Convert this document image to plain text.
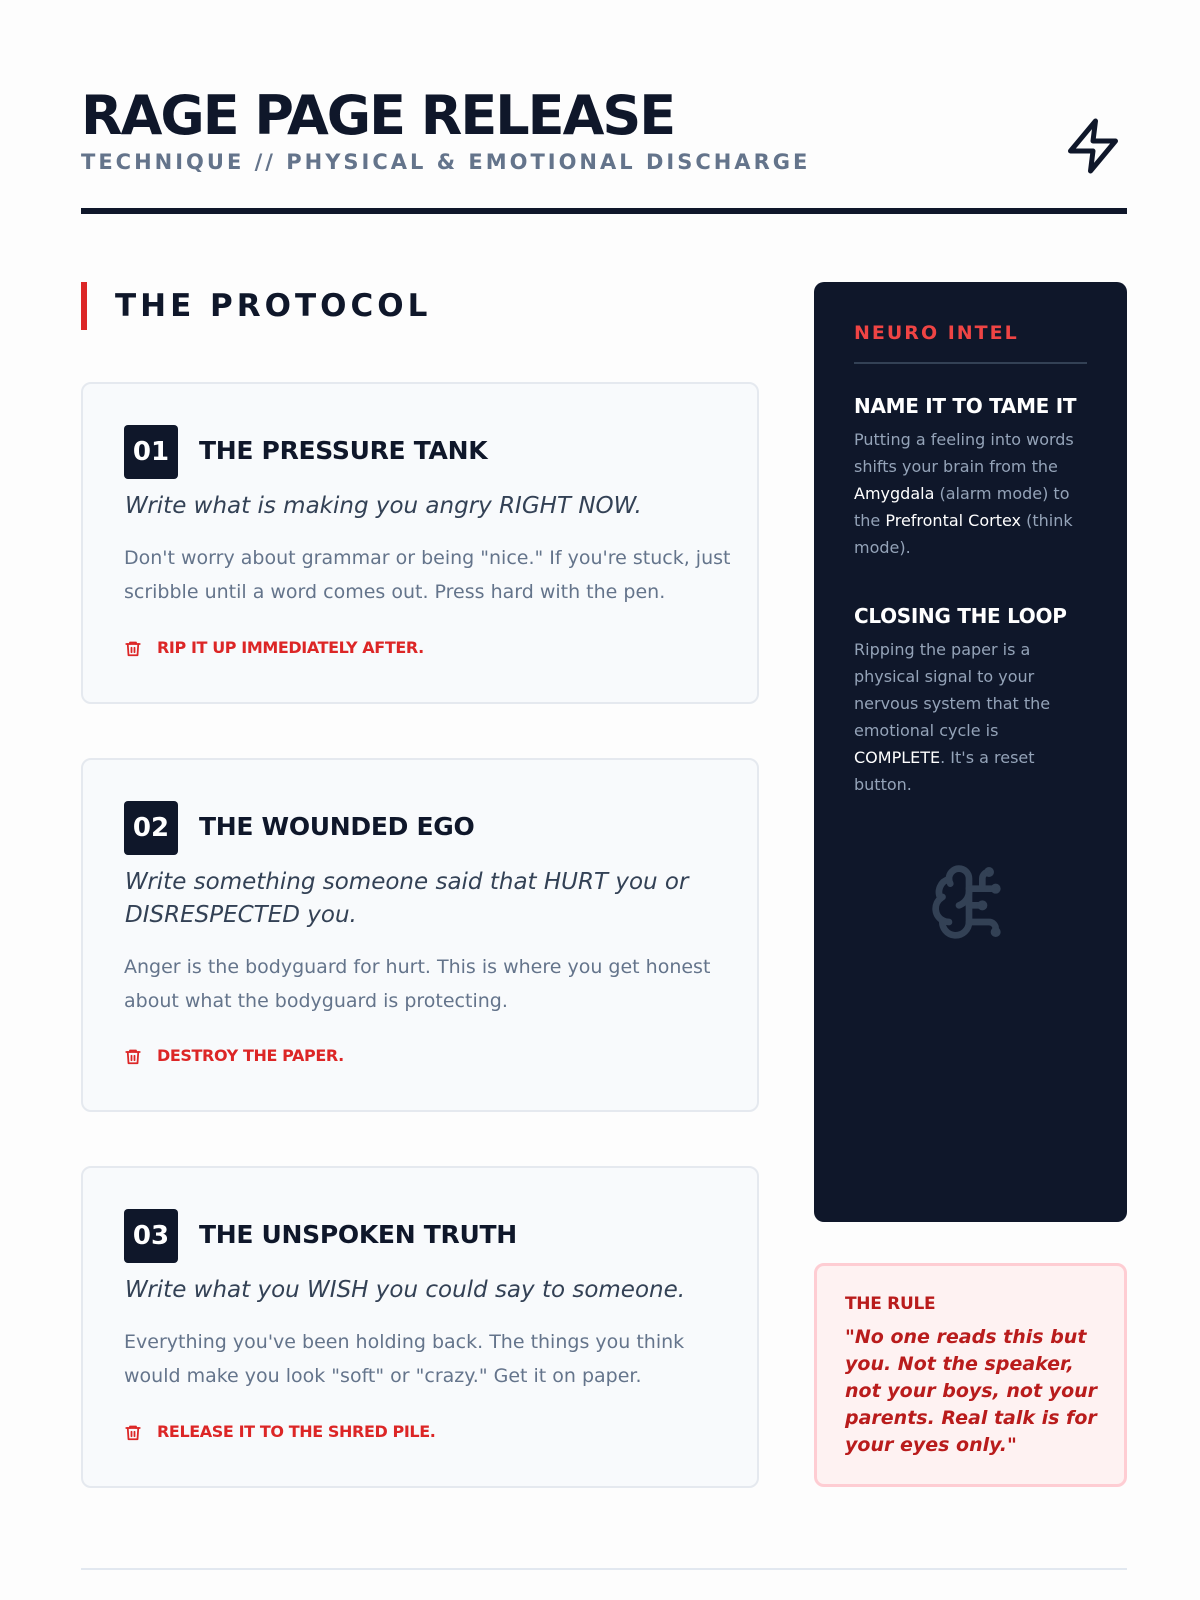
RAGE PAGE RELEASE
TECHNIQUE // PHYSICAL & EMOTIONAL DISCHARGE
THE PROTOCOL
01	THE PRESSURE TANK
Write what is making you angry RIGHT NOW.
Don't worry about grammar or being "nice." If you're stuck, just scribble until a word comes out. Press hard with the pen.
RIP IT UP IMMEDIATELY AFTER.
02	THE WOUNDED EGO
Write something someone said that HURT you or DISRESPECTED you.
Anger is the bodyguard for hurt. This is where you get honest about what the bodyguard is protecting.
DESTROY THE PAPER.
03	THE UNSPOKEN TRUTH
Write what you WISH you could say to someone.
Everything you've been holding back. The things you think would make you look "soft" or "crazy." Get it on paper.
RELEASE IT TO THE SHRED PILE.
NEURO INTEL
NAME IT TO TAME IT
Putting a feeling into words shifts your brain from the Amygdala (alarm mode) to the Prefrontal Cortex (think mode).
CLOSING THE LOOP
Ripping the paper is a physical signal to your nervous system that the emotional cycle is COMPLETE. It's a reset button.
THE RULE
"No one reads this but you. Not the speaker, not your boys, not your parents. Real talk is for your eyes only."
